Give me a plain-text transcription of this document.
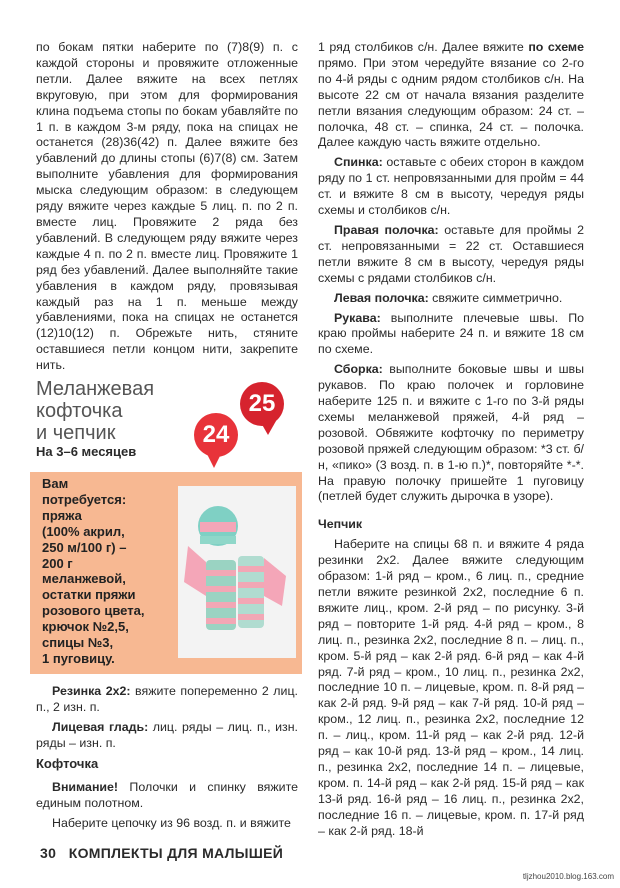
по бокам пятки наберите по (7)8(9) п. с каждой стороны и провяжите отложенные петли. Далее вяжите на всех петлях вкруговую, при этом для формирования клина подъема стопы по бокам убавляйте по 1 п. в каждом 3-м ряду, пока на спицах не останется (28)36(42) п. Далее вяжите без убавлений до длины стопы (6)7(8) см. Затем выполните убавления для формирования мыска следующим образом: в следующем ряду вяжите через каждые 5 лиц. п. по 2 п. вместе лиц. Провяжите 2 ряда без убавлений. В следующем ряду вяжите через каждые 4 п. по 2 п. вместе лиц. Провяжите 1 ряд без убавлений. Далее выполняйте такие убавления в каждом ряду, провязывая каждый раз на 1 п. меньше между убавлениями, пока на спицах не останется (12)10(12) п. Обрежьте нить, стяните оставшиеся петли концом нити, закрепите нить.

Меланжевая
кофточка
и чепчик
25
24
На 3–6 месяцев
Вам
потребуется:
пряжа
(100% акрил,
250 м/100 г) –
200 г
меланжевой,
остатки пряжи
розового цвета,
крючок №2,5,
спицы №3,
1 пуговицу.

Резинка 2х2: вяжите попеременно 2 лиц. п., 2 изн. п.

Лицевая гладь: лиц. ряды – лиц. п., изн. ряды – изн. п.

Кофточка

Внимание! Полочки и спинку вяжите единым полотном.

Наберите цепочку из 96 возд. п. и вяжите

1 ряд столбиков с/н. Далее вяжите по схеме прямо. При этом чередуйте вязание со 2-го по 4-й ряды с одним рядом столбиков с/н. На высоте 22 см от начала вязания разделите петли вязания следующим образом: 24 ст. – полочка, 48 ст. – спинка, 24 ст. – полочка. Далее каждую часть вяжите отдельно.

Спинка: оставьте с обеих сторон в каждом ряду по 1 ст. непровязанными для пройм = 44 ст. и вяжите 8 см в высоту, чередуя ряды схемы и столбиков с/н.

Правая полочка: оставьте для проймы 2 ст. непровязанными = 22 ст. Оставшиеся петли вяжите 8 см в высоту, чередуя ряды схемы с рядами столбиков с/н.

Левая полочка: свяжите симметрично.

Рукава: выполните плечевые швы. По краю проймы наберите 24 п. и вяжите 18 см по схеме.

Сборка: выполните боковые швы и швы рукавов. По краю полочек и горловине наберите 125 п. и вяжите с 1-го по 3-й ряды схемы меланжевой пряжей, 4-й ряд – розовой. Обвяжите кофточку по периметру розовой пряжей следующим образом: *3 ст. б/н, «пико» (3 возд. п. в 1-ю п.)*, повторяйте *-*. На правую полочку пришейте 1 пуговицу (петлей будет служить дырочка в узоре).

Чепчик

Наберите на спицы 68 п. и вяжите 4 ряда резинки 2х2. Далее вяжите следующим образом: 1-й ряд – кром., 6 лиц. п., средние петли вяжите резинкой 2х2, последние 6 п. вяжите лиц., кром. 2-й ряд – по рисунку. 3-й ряд – повторите 1-й ряд. 4-й ряд – кром., 8 лиц. п., резинка 2х2, последние 8 п. – лиц. п., кром. 5-й ряд – как 2-й ряд. 6-й ряд – как 4-й ряд. 7-й ряд – кром., 10 лиц. п., резинка 2х2, последние 10 п. – лицевые, кром. п. 8-й ряд – как 2-й ряд. 9-й ряд – как 7-й ряд. 10-й ряд – кром., 12 лиц. п., резинка 2х2, последние 12 п. – лиц., кром. 11-й ряд – как 2-й ряд. 12-й ряд – как 10-й ряд. 13-й ряд – кром., 14 лиц. п., резинка 2х2, последние 14 п. – лицевые, кром. п. 14-й ряд – как 2-й ряд. 15-й ряд – как 13-й ряд. 16-й ряд – 16 лиц. п., резинка 2х2, последние 16 п. – лицевые, кром. п. 17-й ряд – как 2-й ряд. 18-й

30 КОМПЛЕКТЫ ДЛЯ МАЛЫШЕЙ
tljzhou2010.blog.163.com
